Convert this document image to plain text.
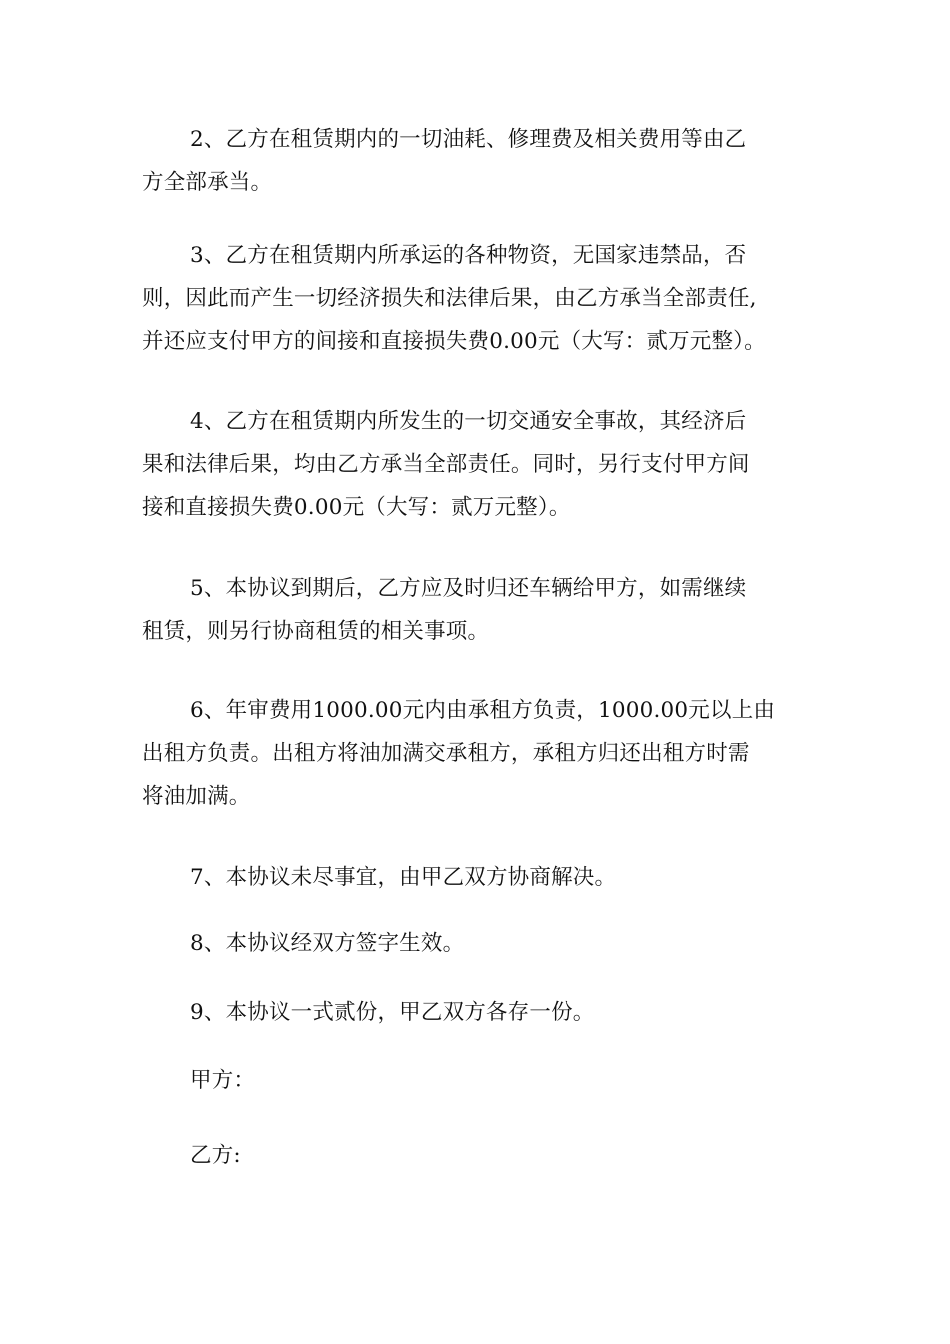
2、乙方在租赁期内的一切油耗、修理费及相关费用等由乙
方全部承当。

3、乙方在租赁期内所承运的各种物资，无国家违禁品，否
则，因此而产生一切经济损失和法律后果，由乙方承当全部责任,
并还应支付甲方的间接和直接损失费0.00元（大写：贰万元整）。

4、乙方在租赁期内所发生的一切交通安全事故，其经济后
果和法律后果，均由乙方承当全部责任。同时，另行支付甲方间
接和直接损失费0.00元（大写：贰万元整）。

5、本协议到期后，乙方应及时归还车辆给甲方，如需继续
租赁，则另行协商租赁的相关事项。

6、年审费用1000.00元内由承租方负责，1000.00元以上由
出租方负责。出租方将油加满交承租方，承租方归还出租方时需
将油加满。

7、本协议未尽事宜，由甲乙双方协商解决。

8、本协议经双方签字生效。

9、本协议一式贰份，甲乙双方各存一份。

甲方：

乙方:
